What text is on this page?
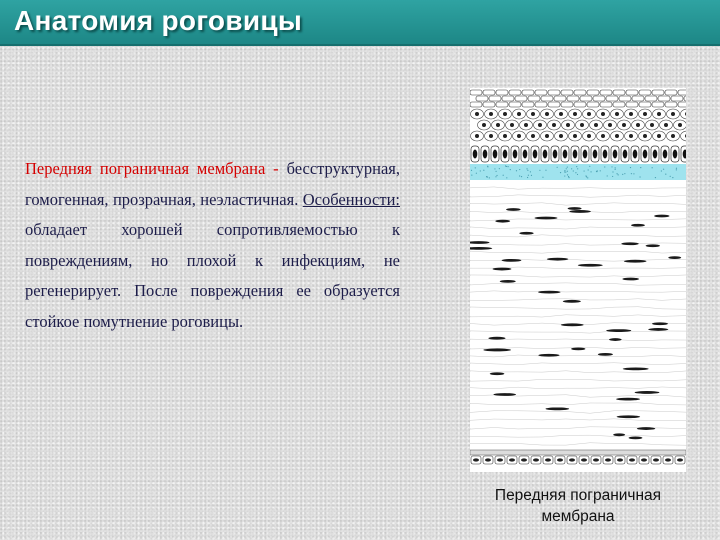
Анатомия роговицы
Передняя пограничная мембрана - бесструктурная, гомогенная, прозрачная, неэластичная. Особенности: обладает хорошей сопротивляемостью к повреждениям, но плохой к инфекциям, не регенерирует. После повреждения ее образуется стойкое помутнение роговицы.
Передняя пограничная
мембрана
